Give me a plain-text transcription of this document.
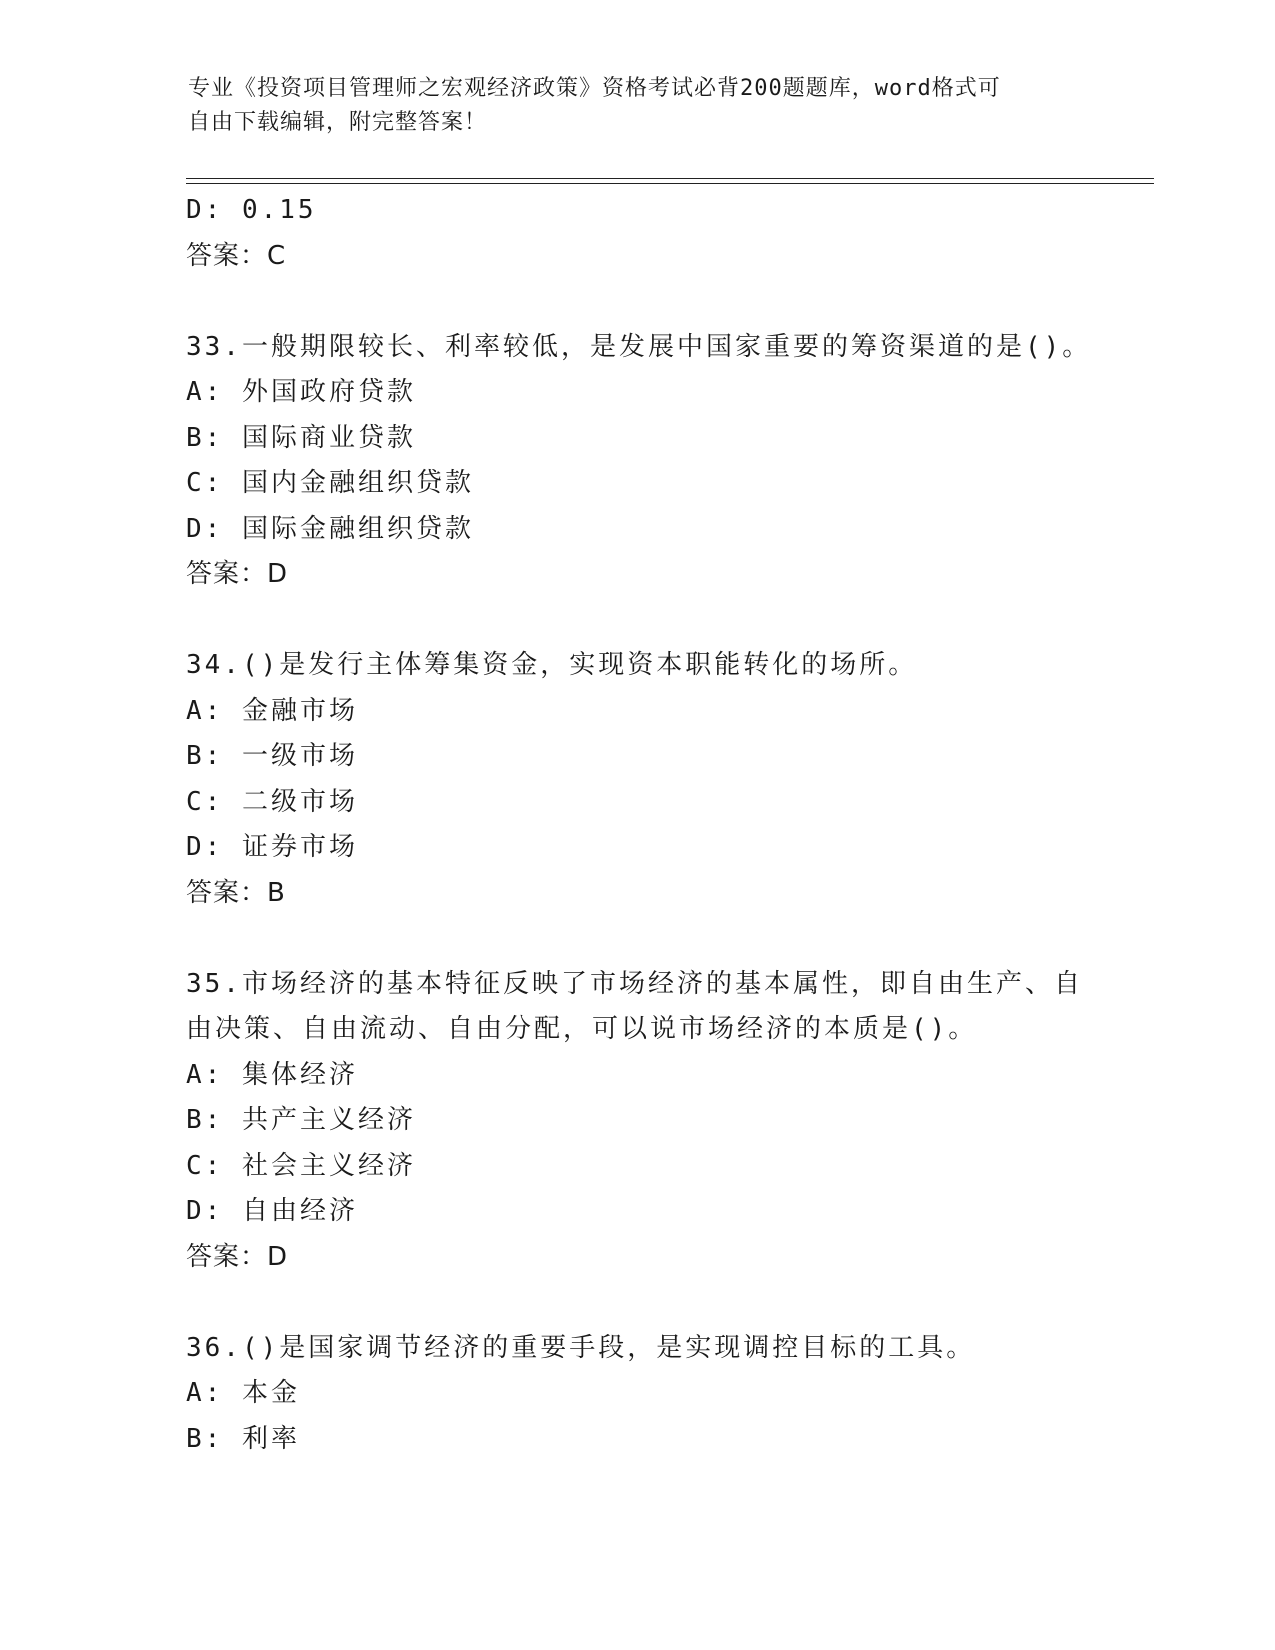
专业《投资项目管理师之宏观经济政策》资格考试必背200题题库，word格式可
自由下载编辑，附完整答案！
D: 0.15
答案：C
33.一般期限较长、利率较低，是发展中国家重要的筹资渠道的是()。
A: 外国政府贷款
B: 国际商业贷款
C: 国内金融组织贷款
D: 国际金融组织贷款
答案：D
34.()是发行主体筹集资金，实现资本职能转化的场所。
A: 金融市场
B: 一级市场
C: 二级市场
D: 证券市场
答案：B
35.市场经济的基本特征反映了市场经济的基本属性，即自由生产、自
由决策、自由流动、自由分配，可以说市场经济的本质是()。
A: 集体经济
B: 共产主义经济
C: 社会主义经济
D: 自由经济
答案：D
36.()是国家调节经济的重要手段，是实现调控目标的工具。
A: 本金
B: 利率
